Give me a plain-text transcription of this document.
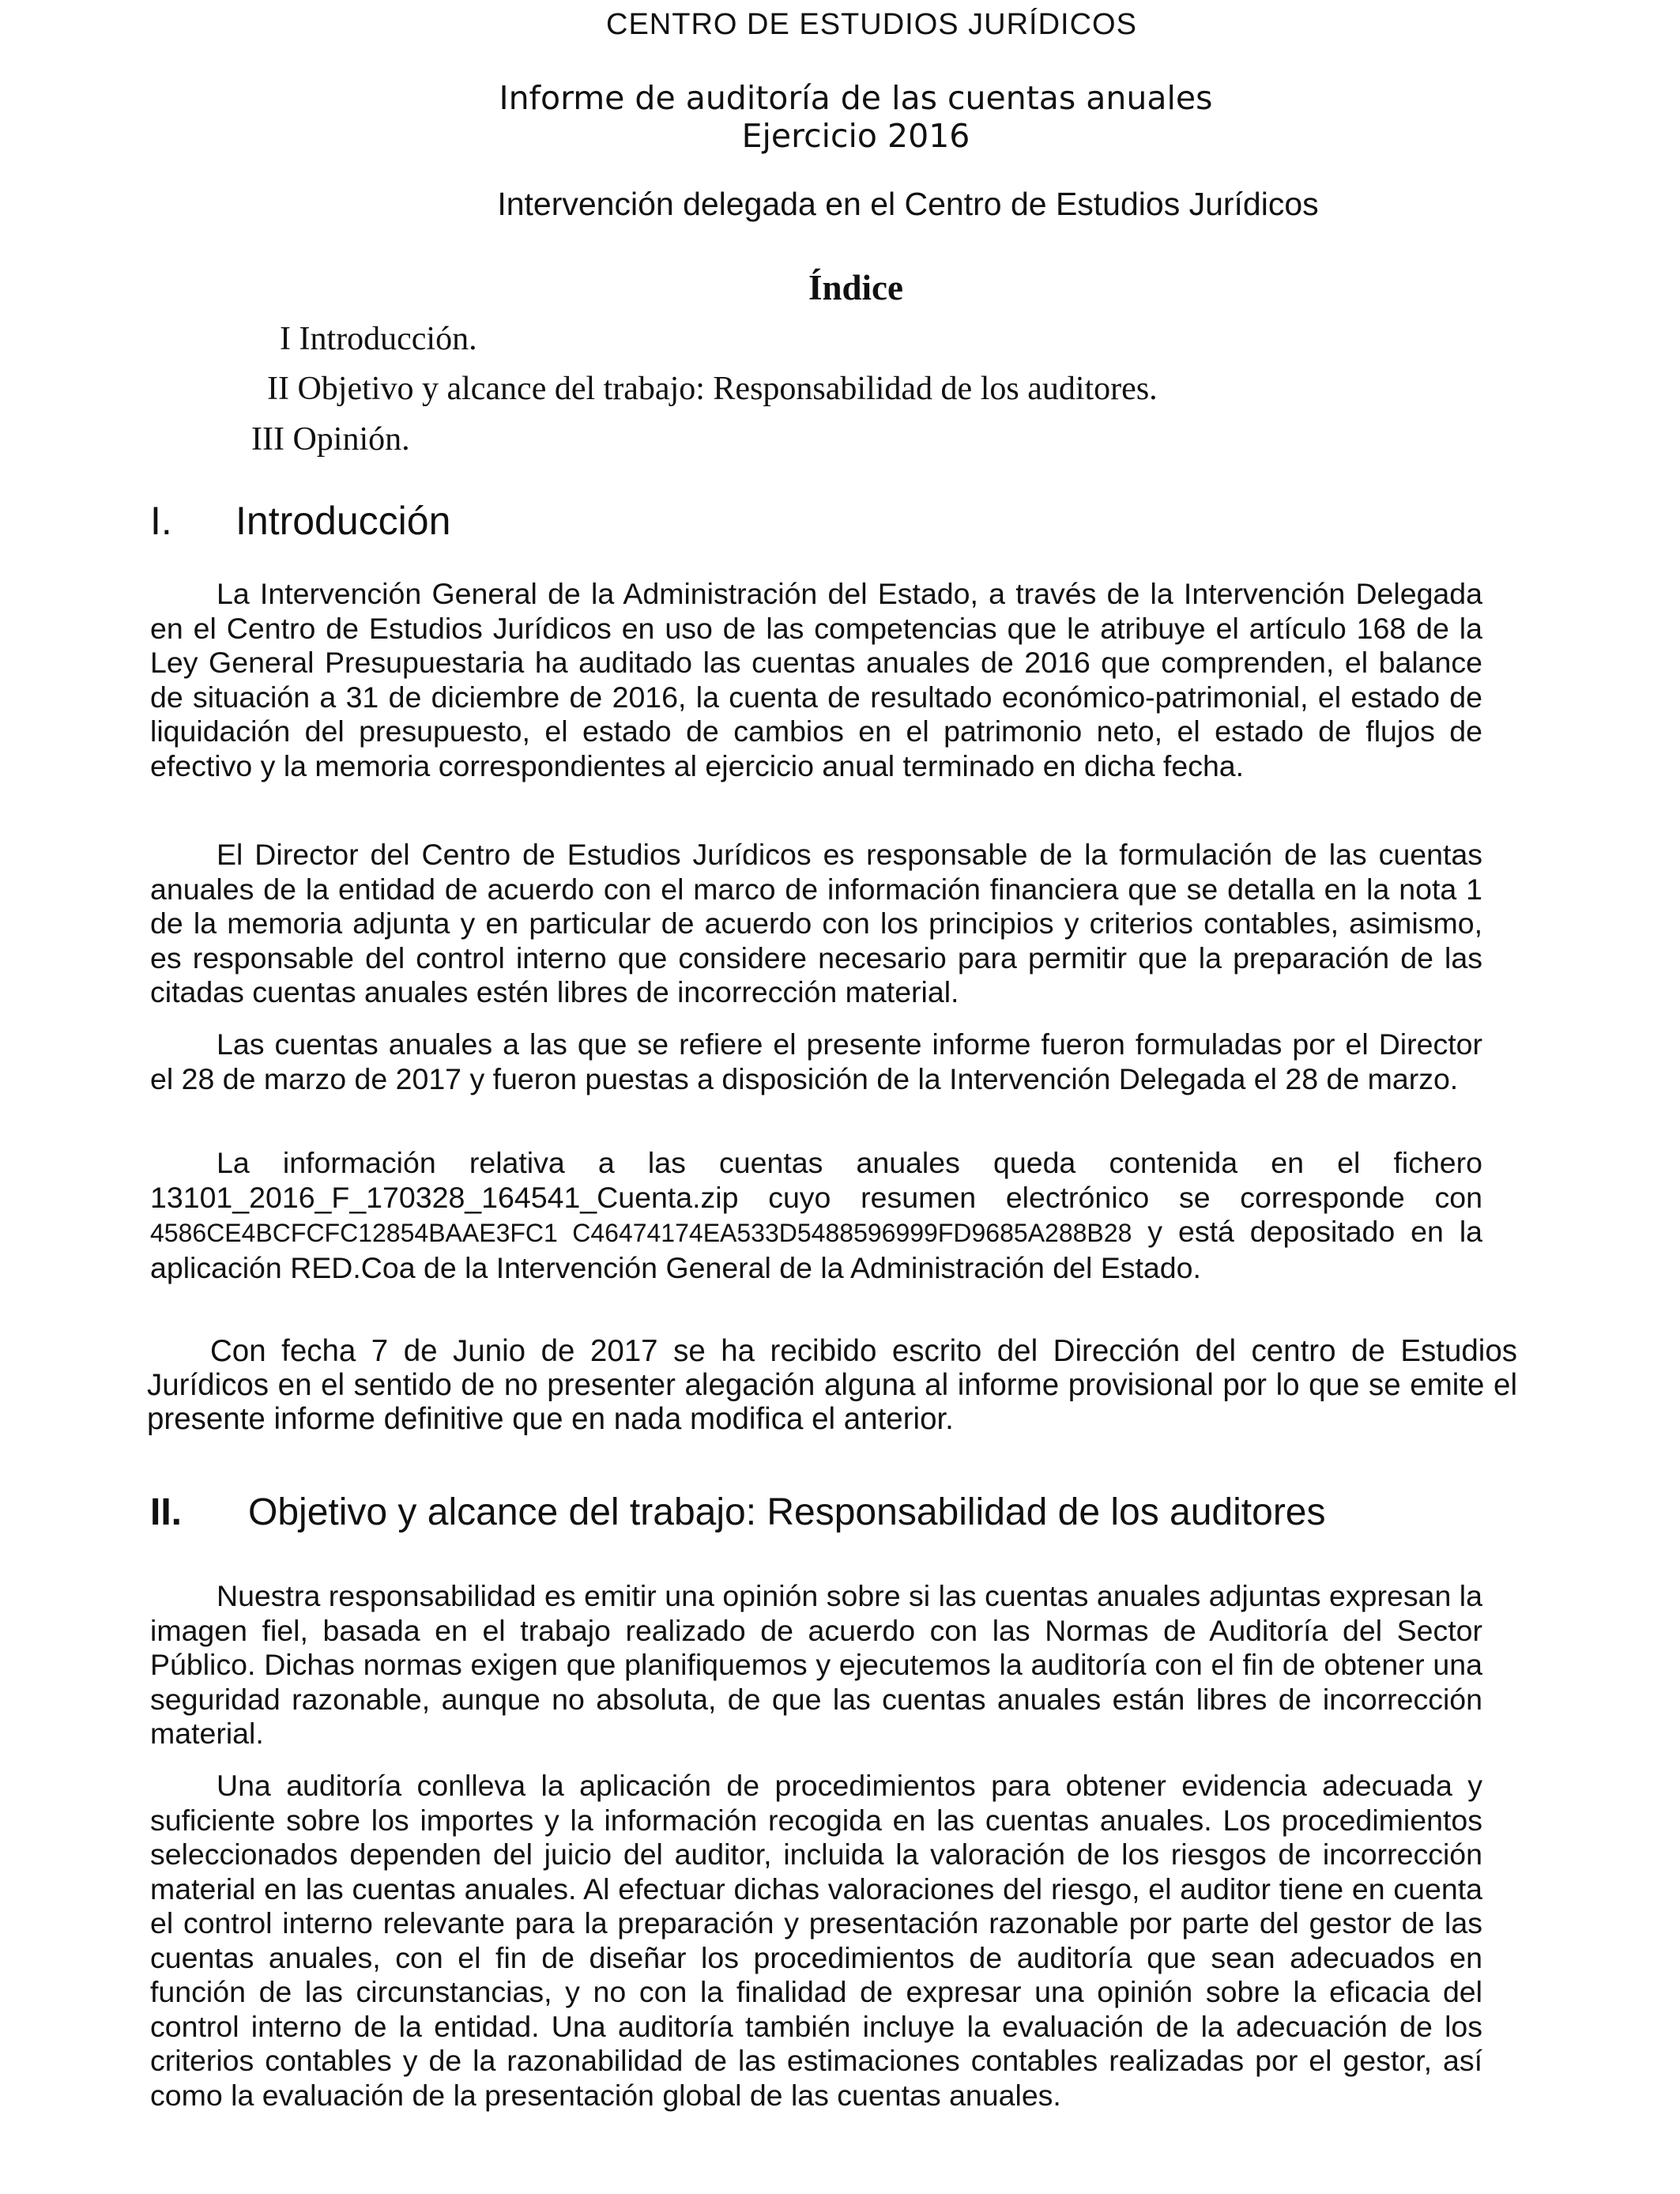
CENTRO DE ESTUDIOS JURÍDICOS
Informe de auditoría de las cuentas anuales
Ejercicio 2016
Intervención delegada en el Centro de Estudios Jurídicos
Índice
I Introducción.
II Objetivo y alcance del trabajo: Responsabilidad de los auditores.
III Opinión.
I. Introducción

La Intervención General de la Administración del Estado, a través de la Intervención Delegada en el Centro de Estudios Jurídicos en uso de las competencias que le atribuye el artículo 168 de la Ley General Presupuestaria ha auditado las cuentas anuales de 2016 que comprenden, el balance de situación a 31 de diciembre de 2016, la cuenta de resultado económico-patrimonial, el estado de liquidación del presupuesto, el estado de cambios en el patrimonio neto, el estado de flujos de efectivo y la memoria correspondientes al ejercicio anual terminado en dicha fecha.

El Director del Centro de Estudios Jurídicos es responsable de la formulación de las cuentas anuales de la entidad de acuerdo con el marco de información financiera que se detalla en la nota 1 de la memoria adjunta y en particular de acuerdo con los principios y criterios contables, asimismo, es responsable del control interno que considere necesario para permitir que la preparación de las citadas cuentas anuales estén libres de incorrección material.

Las cuentas anuales a las que se refiere el presente informe fueron formuladas por el Director el 28 de marzo de 2017 y fueron puestas a disposición de la Intervención Delegada el 28 de marzo.

La información relativa a las cuentas anuales queda contenida en el fichero 13101_2016_F_170328_164541_Cuenta.zip cuyo resumen electrónico se corresponde con 4586CE4BCFCFC12854BAAE3FC1 C46474174EA533D5488596999FD9685A288B28 y está depositado en la aplicación RED.Coa de la Intervención General de la Administración del Estado.

Con fecha 7 de Junio de 2017 se ha recibido escrito del Dirección del centro de Estudios Jurídicos en el sentido de no presenter alegación alguna al informe provisional por lo que se emite el presente informe definitive que en nada modifica el anterior.

II. Objetivo y alcance del trabajo: Responsabilidad de los auditores

Nuestra responsabilidad es emitir una opinión sobre si las cuentas anuales adjuntas expresan la imagen fiel, basada en el trabajo realizado de acuerdo con las Normas de Auditoría del Sector Público. Dichas normas exigen que planifiquemos y ejecutemos la auditoría con el fin de obtener una seguridad razonable, aunque no absoluta, de que las cuentas anuales están libres de incorrección material.

Una auditoría conlleva la aplicación de procedimientos para obtener evidencia adecuada y suficiente sobre los importes y la información recogida en las cuentas anuales. Los procedimientos seleccionados dependen del juicio del auditor, incluida la valoración de los riesgos de incorrección material en las cuentas anuales. Al efectuar dichas valoraciones del riesgo, el auditor tiene en cuenta el control interno relevante para la preparación y presentación razonable por parte del gestor de las cuentas anuales, con el fin de diseñar los procedimientos de auditoría que sean adecuados en función de las circunstancias, y no con la finalidad de expresar una opinión sobre la eficacia del control interno de la entidad. Una auditoría también incluye la evaluación de la adecuación de los criterios contables y de la razonabilidad de las estimaciones contables realizadas por el gestor, así como la evaluación de la presentación global de las cuentas anuales.
